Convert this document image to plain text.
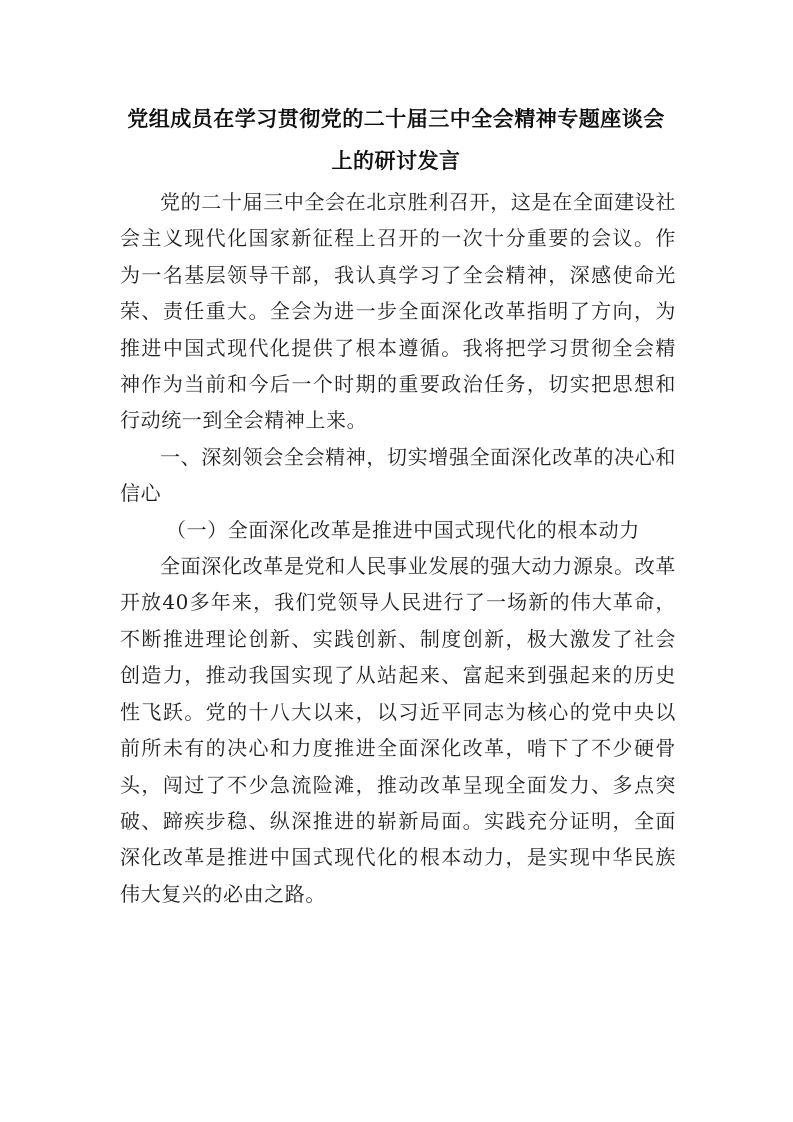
党组成员在学习贯彻党的二十届三中全会精神专题座谈会
上的研讨发言

党的二十届三中全会在北京胜利召开，这是在全面建设社会主义现代化国家新征程上召开的一次十分重要的会议。作为一名基层领导干部，我认真学习了全会精神，深感使命光荣、责任重大。全会为进一步全面深化改革指明了方向，为推进中国式现代化提供了根本遵循。我将把学习贯彻全会精神作为当前和今后一个时期的重要政治任务，切实把思想和行动统一到全会精神上来。

一、深刻领会全会精神，切实增强全面深化改革的决心和信心

（一）全面深化改革是推进中国式现代化的根本动力

全面深化改革是党和人民事业发展的强大动力源泉。改革开放40多年来，我们党领导人民进行了一场新的伟大革命，不断推进理论创新、实践创新、制度创新，极大激发了社会创造力，推动我国实现了从站起来、富起来到强起来的历史性飞跃。党的十八大以来，以习近平同志为核心的党中央以前所未有的决心和力度推进全面深化改革，啃下了不少硬骨头，闯过了不少急流险滩，推动改革呈现全面发力、多点突破、蹄疾步稳、纵深推进的崭新局面。实践充分证明，全面深化改革是推进中国式现代化的根本动力，是实现中华民族伟大复兴的必由之路。
